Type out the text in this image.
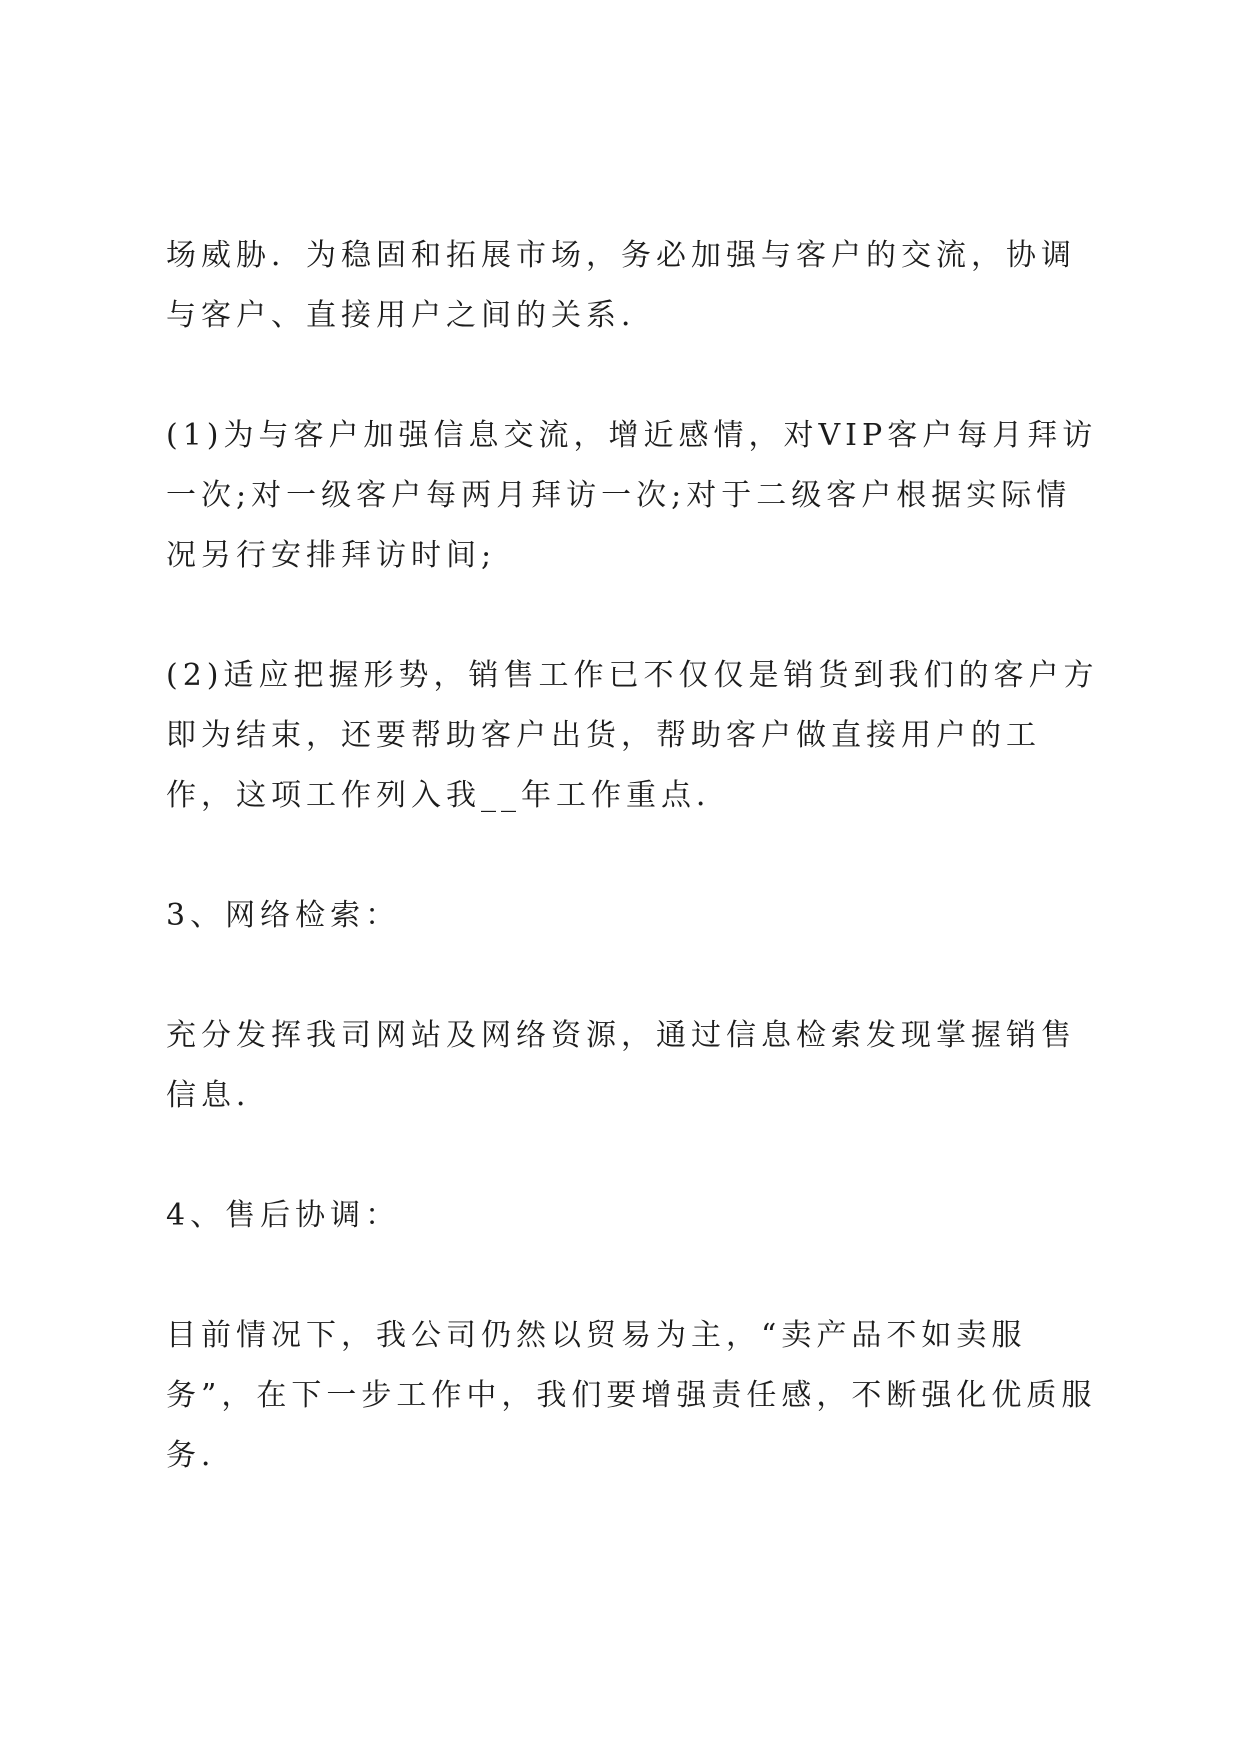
场威胁．为稳固和拓展市场，务必加强与客户的交流，协调与客户、直接用户之间的关系．

(1)为与客户加强信息交流，增近感情，对VIP客户每月拜访一次;对一级客户每两月拜访一次;对于二级客户根据实际情况另行安排拜访时间;

(2)适应把握形势，销售工作已不仅仅是销货到我们的客户方即为结束，还要帮助客户出货，帮助客户做直接用户的工作，这项工作列入我__年工作重点．

3、网络检索：

充分发挥我司网站及网络资源，通过信息检索发现掌握销售信息．

4、售后协调：

目前情况下，我公司仍然以贸易为主，“卖产品不如卖服务”，在下一步工作中，我们要增强责任感，不断强化优质服务．
